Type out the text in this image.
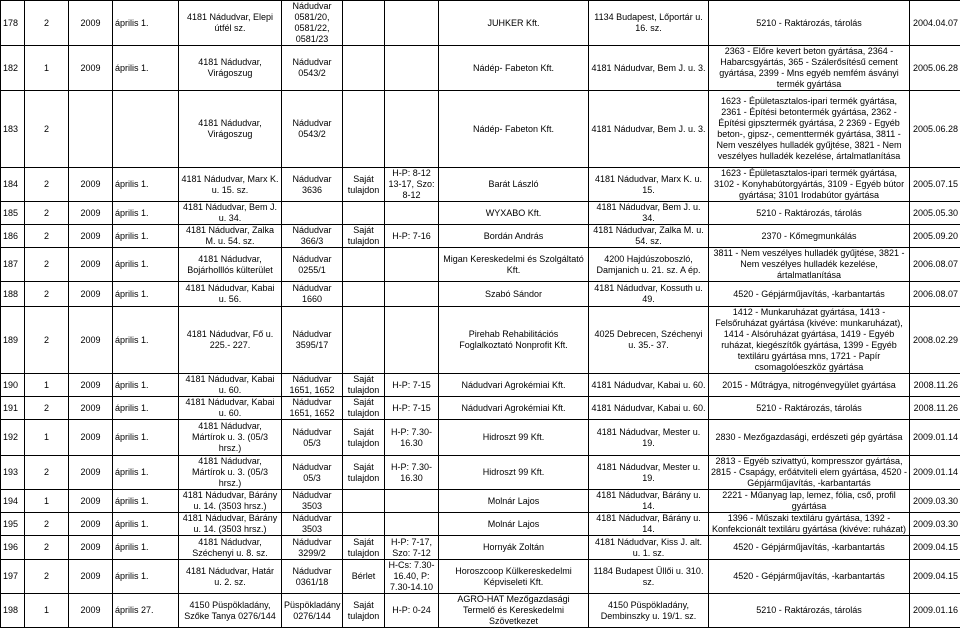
178	2	2009	április 1.	4181 Nádudvar, Elepi útfél sz.	Nádudvar 0581/20, 0581/22, 0581/23			JUHKER Kft.	1134 Budapest, Lőportár u. 16. sz.	5210 - Raktározás, tárolás	2004.04.07
182	1	2009	április 1.	4181 Nádudvar, Virágoszug	Nádudvar 0543/2			Nádép- Fabeton Kft.	4181 Nádudvar, Bem J. u. 3.	2363 - Előre kevert beton gyártása, 2364 - Habarcsgyártás, 365 - Szálerősítésű cement gyártása, 2399 - Mns egyéb nemfém ásványi termék gyártása	2005.06.28
183	2			4181 Nádudvar, Virágoszug	Nádudvar 0543/2			Nádép- Fabeton Kft.	4181 Nádudvar, Bem J. u. 3.	1623 - Épületasztalos-ipari termék gyártása, 2361 - Építési betontermék gyártása, 2362 - Építési gipsztermék gyártása, 2 2369 - Egyéb beton-, gipsz-, cementtermék gyártása, 3811 - Nem veszélyes hulladék gyűjtése, 3821 - Nem veszélyes hulladék kezelése, ártalmatlanítása	2005.06.28
184	2	2009	április 1.	4181 Nádudvar, Marx K. u. 15. sz.	Nádudvar 3636	Saját tulajdon	H-P: 8-12 13-17, Szo: 8-12	Barát László	4181 Nádudvar, Marx K. u. 15.	1623 - Épületasztalos-ipari termék gyártása, 3102 - Konyhabútorgyártás, 3109 - Egyéb bútor gyártása; 3101 Irodabútor gyártása	2005.07.15
185	2	2009	április 1.	4181 Nádudvar, Bem J. u. 34.				WYXABO Kft.	4181 Nádudvar, Bem J. u. 34.	5210 - Raktározás, tárolás	2005.05.30
186	2	2009	április 1.	4181 Nádudvar, Zalka M. u. 54. sz.	Nádudvar 366/3	Saját tulajdon	H-P: 7-16	Bordán András	4181 Nádudvar, Zalka M. u. 54. sz.	2370 - Kőmegmunkálás	2005.09.20
187	2	2009	április 1.	4181 Nádudvar, Bojárholllós külterület	Nádudvar 0255/1			Migan Kereskedelmi és Szolgáltató Kft.	4200 Hajdúszoboszló, Damjanich u. 21. sz. A ép.	3811 - Nem veszélyes hulladék gyűjtése, 3821 - Nem veszélyes hulladék kezelése, ártalmatlanítása	2006.08.07
188	2	2009	április 1.	4181 Nádudvar, Kabai u. 56.	Nádudvar 1660			Szabó Sándor	4181 Nádudvar, Kossuth u. 49.	4520 - Gépjárműjavítás, -karbantartás	2006.08.07
189	2	2009	április 1.	4181 Nádudvar, Fő u. 225.- 227.	Nádudvar 3595/17			Pirehab Rehabilitációs Foglalkoztató Nonprofit Kft.	4025 Debrecen, Széchenyi u. 35.- 37.	1412 - Munkaruházat gyártása, 1413 - Felsőruházat gyártása (kivéve: munkaruházat), 1414 - Alsóruházat gyártása, 1419 - Egyéb ruházat, kiegészítők gyártása, 1399 - Egyéb textiláru gyártása mns, 1721 - Papír csomagolóeszköz gyártása	2008.02.29
190	1	2009	április 1.	4181 Nádudvar, Kabai u. 60.	Nádudvar 1651, 1652	Saját tulajdon	H-P: 7-15	Nádudvari Agrokémiai Kft.	4181 Nádudvar, Kabai u. 60.	2015 - Műtrágya, nitrogénvegyület gyártása	2008.11.26
191	2	2009	április 1.	4181 Nádudvar, Kabai u. 60.	Nádudvar 1651, 1652	Saját tulajdon	H-P: 7-15	Nádudvari Agrokémiai Kft.	4181 Nádudvar, Kabai u. 60.	5210 - Raktározás, tárolás	2008.11.26
192	1	2009	április 1.	4181 Nádudvar, Mártírok u. 3. (05/3 hrsz.)	Nádudvar 05/3	Saját tulajdon	H-P: 7.30-16.30	Hidroszt 99 Kft.	4181 Nádudvar, Mester u. 19.	2830 - Mezőgazdasági, erdészeti gép gyártása	2009.01.14
193	2	2009	április 1.	4181 Nádudvar, Mártírok u. 3. (05/3 hrsz.)	Nádudvar 05/3	Saját tulajdon	H-P: 7.30-16.30	Hidroszt 99 Kft.	4181 Nádudvar, Mester u. 19.	2813 - Egyéb szivattyú, kompresszor gyártása, 2815 - Csapágy, erőátviteli elem gyártása, 4520 - Gépjárműjavítás, -karbantartás	2009.01.14
194	1	2009	április 1.	4181 Nádudvar, Bárány u. 14. (3503 hrsz.)	Nádudvar 3503			Molnár Lajos	4181 Nádudvar, Bárány u. 14.	2221 - Műanyag lap, lemez, fólia, cső, profil gyártása	2009.03.30
195	2	2009	április 1.	4181 Nádudvar, Bárány u. 14. (3503 hrsz.)	Nádudvar 3503			Molnár Lajos	4181 Nádudvar, Bárány u. 14.	1396 - Műszaki textiláru gyártása, 1392 - Konfekcionált textiláru gyártása (kivéve: ruházat)	2009.03.30
196	2	2009	április 1.	4181 Nádudvar, Széchenyi u. 8. sz.	Nádudvar 3299/2	Saját tulajdon	H-P: 7-17, Szo: 7-12	Hornyák Zoltán	4181 Nádudvar, Kiss J. alt. u. 1. sz.	4520 - Gépjárműjavítás, -karbantartás	2009.04.15
197	2	2009	április 1.	4181 Nádudvar, Határ u. 2. sz.	Nádudvar 0361/18	Bérlet	H-Cs: 7.30-16.40, P: 7.30-14.10	Horoszcoop Külkereskedelmi Képviseleti Kft.	1184 Budapest Üllői u. 310. sz.	4520 - Gépjárműjavítás, -karbantartás	2009.04.15
198	1	2009	április 27.	4150 Püspökladány, Szőke Tanya 0276/144	Püspökladány 0276/144	Saját tulajdon	H-P: 0-24	AGRO-HAT Mezőgazdasági Termelő és Kereskedelmi Szövetkezet	4150 Püspökladány, Dembinszky u. 19/1. sz.	5210 - Raktározás, tárolás	2009.01.16
